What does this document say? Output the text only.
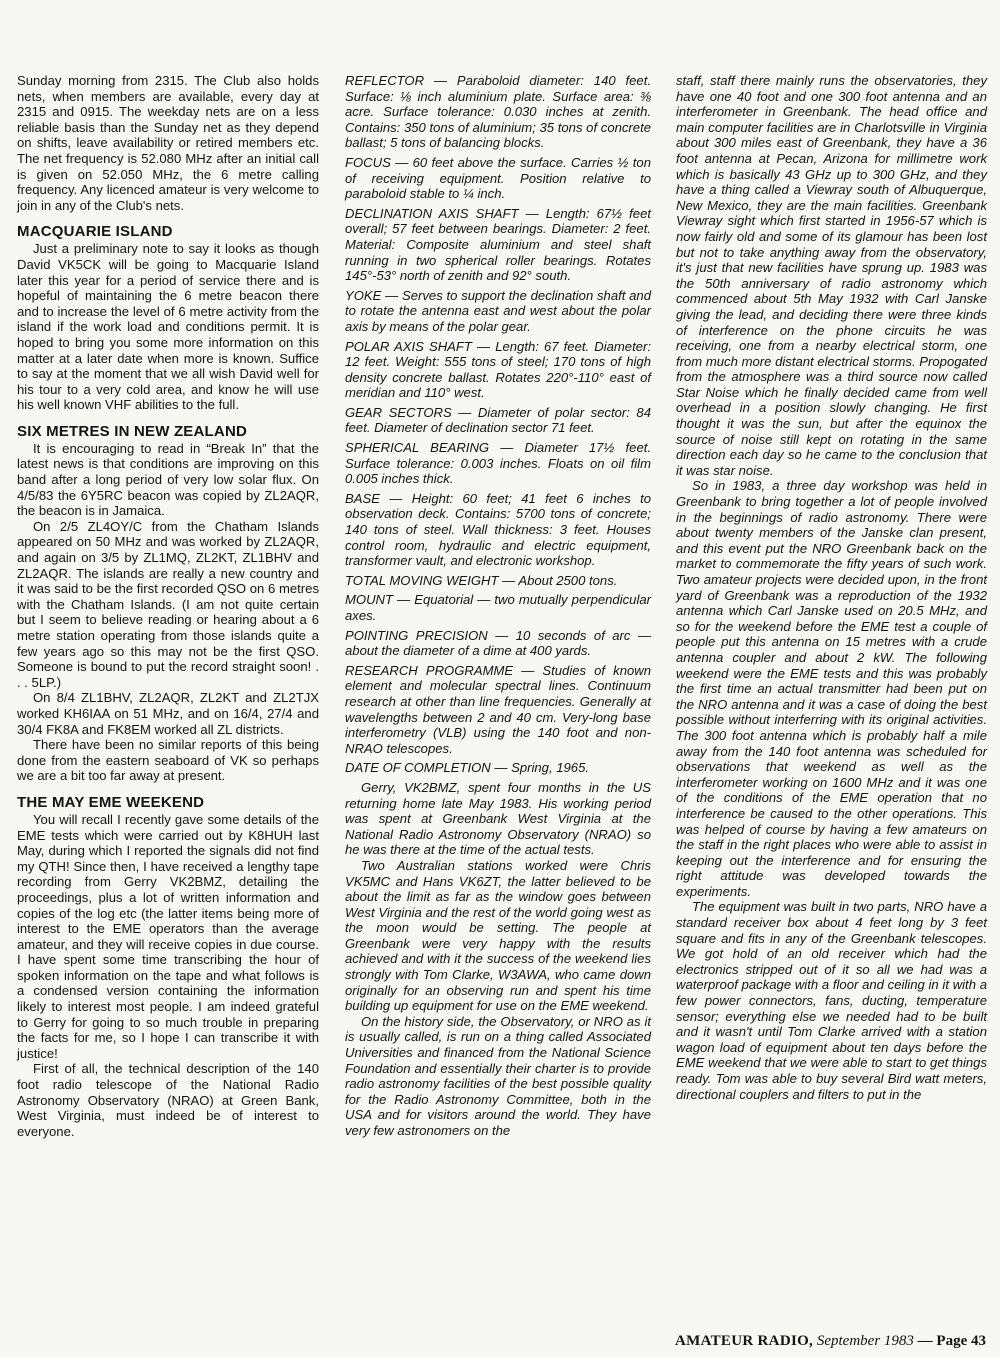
Sunday morning from 2315. The Club also holds nets, when members are available, every day at 2315 and 0915. The weekday nets are on a less reliable basis than the Sunday net as they depend on shifts, leave availability or retired members etc. The net frequency is 52.080 MHz after an initial call is given on 52.050 MHz, the 6 metre calling frequency. Any licenced amateur is very welcome to join in any of the Club's nets.

MACQUARIE ISLAND

Just a preliminary note to say it looks as though David VK5CK will be going to Macquarie Island later this year for a period of service there and is hopeful of maintaining the 6 metre beacon there and to increase the level of 6 metre activity from the island if the work load and conditions permit. It is hoped to bring you some more information on this matter at a later date when more is known. Suffice to say at the moment that we all wish David well for his tour to a very cold area, and know he will use his well known VHF abilities to the full.

SIX METRES IN NEW ZEALAND

It is encouraging to read in “Break In” that the latest news is that conditions are improving on this band after a long period of very low solar flux. On 4/5/83 the 6Y5RC beacon was copied by ZL2AQR, the beacon is in Jamaica.

On 2/5 ZL4OY/C from the Chatham Islands appeared on 50 MHz and was worked by ZL2AQR, and again on 3/5 by ZL1MQ, ZL2KT, ZL1BHV and ZL2AQR. The islands are really a new country and it was said to be the first recorded QSO on 6 metres with the Chatham Islands. (I am not quite certain but I seem to believe reading or hearing about a 6 metre station operating from those islands quite a few years ago so this may not be the first QSO. Someone is bound to put the record straight soon! . . . 5LP.)

On 8/4 ZL1BHV, ZL2AQR, ZL2KT and ZL2TJX worked KH6IAA on 51 MHz, and on 16/4, 27/4 and 30/4 FK8A and FK8EM worked all ZL districts.

There have been no similar reports of this being done from the eastern seaboard of VK so perhaps we are a bit too far away at present.

THE MAY EME WEEKEND

You will recall I recently gave some details of the EME tests which were carried out by K8HUH last May, during which I reported the signals did not find my QTH! Since then, I have received a lengthy tape recording from Gerry VK2BMZ, detailing the proceedings, plus a lot of written information and copies of the log etc (the latter items being more of interest to the EME operators than the average amateur, and they will receive copies in due course. I have spent some time transcribing the hour of spoken information on the tape and what follows is a condensed version containing the information likely to interest most people. I am indeed grateful to Gerry for going to so much trouble in preparing the facts for me, so I hope I can transcribe it with justice!

First of all, the technical description of the 140 foot radio telescope of the National Radio Astronomy Observatory (NRAO) at Green Bank, West Virginia, must indeed be of interest to everyone.

REFLECTOR — Paraboloid diameter: 140 feet. Surface: ⅛ inch aluminium plate. Surface area: ⅜ acre. Surface tolerance: 0.030 inches at zenith. Contains: 350 tons of aluminium; 35 tons of concrete ballast; 5 tons of balancing blocks.

FOCUS — 60 feet above the surface. Carries ½ ton of receiving equipment. Position relative to paraboloid stable to ¼ inch.

DECLINATION AXIS SHAFT — Length: 67½ feet overall; 57 feet between bearings. Diameter: 2 feet. Material: Composite aluminium and steel shaft running in two spherical roller bearings. Rotates 145°-53° north of zenith and 92° south.

YOKE — Serves to support the declination shaft and to rotate the antenna east and west about the polar axis by means of the polar gear.

POLAR AXIS SHAFT — Length: 67 feet. Diameter: 12 feet. Weight: 555 tons of steel; 170 tons of high density concrete ballast. Rotates 220°-110° east of meridian and 110° west.

GEAR SECTORS — Diameter of polar sector: 84 feet. Diameter of declination sector 71 feet.

SPHERICAL BEARING — Diameter 17½ feet. Surface tolerance: 0.003 inches. Floats on oil film 0.005 inches thick.

BASE — Height: 60 feet; 41 feet 6 inches to observation deck. Contains: 5700 tons of concrete; 140 tons of steel. Wall thickness: 3 feet. Houses control room, hydraulic and electric equipment, transformer vault, and electronic workshop.

TOTAL MOVING WEIGHT — About 2500 tons.

MOUNT — Equatorial — two mutually perpendicular axes.

POINTING PRECISION — 10 seconds of arc — about the diameter of a dime at 400 yards.

RESEARCH PROGRAMME — Studies of known element and molecular spectral lines. Continuum research at other than line frequencies. Generally at wavelengths between 2 and 40 cm. Very-long base interferometry (VLB) using the 140 foot and non-NRAO telescopes.

DATE OF COMPLETION — Spring, 1965.

Gerry, VK2BMZ, spent four months in the US returning home late May 1983. His working period was spent at Greenbank West Virginia at the National Radio Astronomy Observatory (NRAO) so he was there at the time of the actual tests.

Two Australian stations worked were Chris VK5MC and Hans VK6ZT, the latter believed to be about the limit as far as the window goes between West Virginia and the rest of the world going west as the moon would be setting. The people at Greenbank were very happy with the results achieved and with it the success of the weekend lies strongly with Tom Clarke, W3AWA, who came down originally for an observing run and spent his time building up equipment for use on the EME weekend.

On the history side, the Observatory, or NRO as it is usually called, is run on a thing called Associated Universities and financed from the National Science Foundation and essentially their charter is to provide radio astronomy facilities of the best possible quality for the Radio Astronomy Committee, both in the USA and for visitors around the world. They have very few astronomers on the

staff, staff there mainly runs the observatories, they have one 40 foot and one 300 foot antenna and an interferometer in Greenbank. The head office and main computer facilities are in Charlotsville in Virginia about 300 miles east of Greenbank, they have a 36 foot antenna at Pecan, Arizona for millimetre work which is basically 43 GHz up to 300 GHz, and they have a thing called a Viewray south of Albuquerque, New Mexico, they are the main facilities. Greenbank Viewray sight which first started in 1956-57 which is now fairly old and some of its glamour has been lost but not to take anything away from the observatory, it's just that new facilities have sprung up. 1983 was the 50th anniversary of radio astronomy which commenced about 5th May 1932 with Carl Janske giving the lead, and deciding there were three kinds of interference on the phone circuits he was receiving, one from a nearby electrical storm, one from much more distant electrical storms. Propogated from the atmosphere was a third source now called Star Noise which he finally decided came from well overhead in a position slowly changing. He first thought it was the sun, but after the equinox the source of noise still kept on rotating in the same direction each day so he came to the conclusion that it was star noise.

So in 1983, a three day workshop was held in Greenbank to bring together a lot of people involved in the beginnings of radio astronomy. There were about twenty members of the Janske clan present, and this event put the NRO Greenbank back on the market to commemorate the fifty years of such work. Two amateur projects were decided upon, in the front yard of Greenbank was a reproduction of the 1932 antenna which Carl Janske used on 20.5 MHz, and so for the weekend before the EME test a couple of people put this antenna on 15 metres with a crude antenna coupler and about 2 kW. The following weekend were the EME tests and this was probably the first time an actual transmitter had been put on the NRO antenna and it was a case of doing the best possible without interferring with its original activities. The 300 foot antenna which is probably half a mile away from the 140 foot antenna was scheduled for observations that weekend as well as the interferometer working on 1600 MHz and it was one of the conditions of the EME operation that no interference be caused to the other operations. This was helped of course by having a few amateurs on the staff in the right places who were able to assist in keeping out the interference and for ensuring the right attitude was developed towards the experiments.

The equipment was built in two parts, NRO have a standard receiver box about 4 feet long by 3 feet square and fits in any of the Greenbank telescopes. We got hold of an old receiver which had the electronics stripped out of it so all we had was a waterproof package with a floor and ceiling in it with a few power connectors, fans, ducting, temperature sensor; everything else we needed had to be built and it wasn't until Tom Clarke arrived with a station wagon load of equipment about ten days before the EME weekend that we were able to start to get things ready. Tom was able to buy several Bird watt meters, directional couplers and filters to put in the

AMATEUR RADIO, September 1983 — Page 43
